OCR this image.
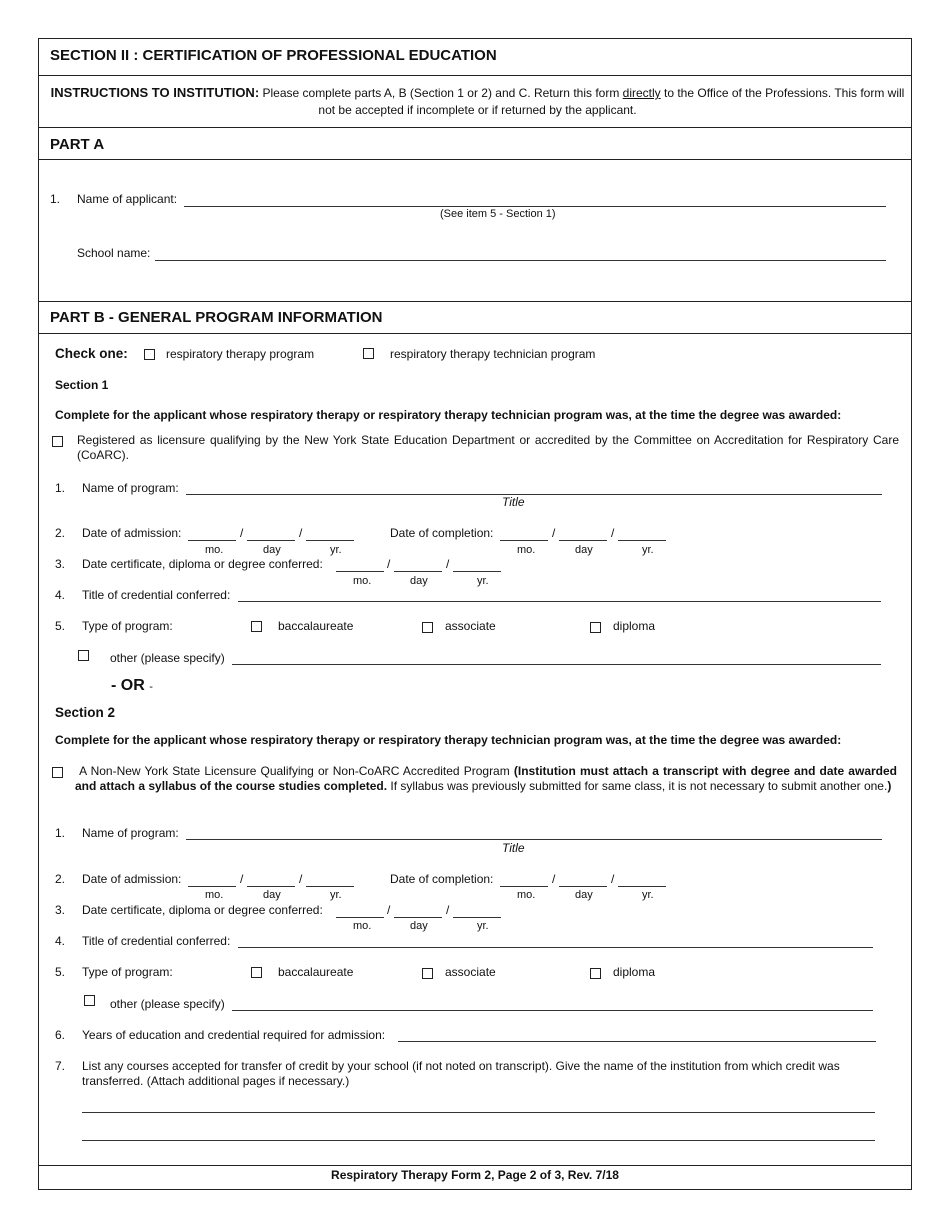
SECTION II : CERTIFICATION OF PROFESSIONAL EDUCATION
INSTRUCTIONS TO INSTITUTION: Please complete parts A, B (Section 1 or 2) and C. Return this form directly to the Office of the Professions. This form will not be accepted if incomplete or if returned by the applicant.
PART A
1. Name of applicant:
(See item 5 - Section 1)
School name:
PART B - GENERAL PROGRAM INFORMATION
Check one:	respiratory therapy program	respiratory therapy technician program
Section 1
Complete for the applicant whose respiratory therapy or respiratory therapy technician program was, at the time the degree was awarded:
Registered as licensure qualifying by the New York State Education Department or accredited by the Committee on Accreditation for Respiratory Care (CoARC).
1. Name of program:
Title
2. Date of admission:	/	/
mo.	day	yr.
Date of completion:	/	/
mo.	day	yr.
3. Date certificate, diploma or degree conferred:	/	/
mo.	day	yr.
4. Title of credential conferred:
5. Type of program:	baccalaureate	associate	diploma
other (please specify)
- OR -
Section 2
Complete for the applicant whose respiratory therapy or respiratory therapy technician program was, at the time the degree was awarded:
A Non-New York State Licensure Qualifying or Non-CoARC Accredited Program (Institution must attach a transcript with degree and date awarded and attach a syllabus of the course studies completed. If syllabus was previously submitted for same class, it is not necessary to submit another one.)
1. Name of program:
Title
2. Date of admission:	/	/
mo.	day	yr.
Date of completion:	/	/
mo.	day	yr.
3. Date certificate, diploma or degree conferred:	/	/
mo.	day	yr.
4. Title of credential conferred:
5. Type of program:	baccalaureate	associate	diploma
other (please specify)
6. Years of education and credential required for admission:
7. List any courses accepted for transfer of credit by your school (if not noted on transcript). Give the name of the institution from which credit was transferred. (Attach additional pages if necessary.)
Respiratory Therapy Form 2, Page 2 of 3, Rev. 7/18
